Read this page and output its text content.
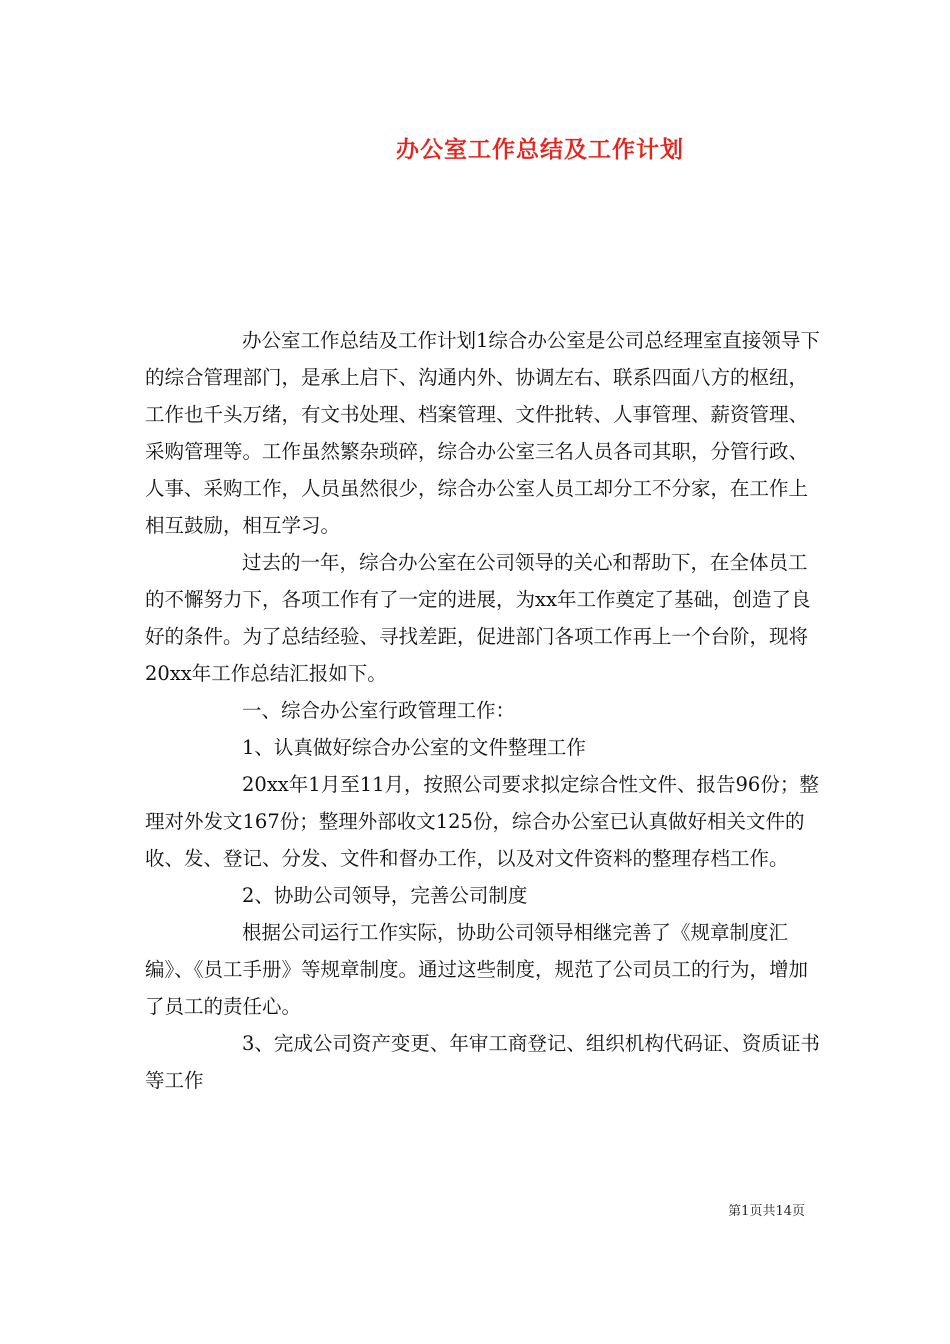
办公室工作总结及工作计划

办公室工作总结及工作计划1综合办公室是公司总经理室直接领导下的综合管理部门，是承上启下、沟通内外、协调左右、联系四面八方的枢纽，工作也千头万绪，有文书处理、档案管理、文件批转、人事管理、薪资管理、采购管理等。工作虽然繁杂琐碎，综合办公室三名人员各司其职，分管行政、人事、采购工作，人员虽然很少，综合办公室人员工却分工不分家，在工作上相互鼓励，相互学习。

过去的一年，综合办公室在公司领导的关心和帮助下，在全体员工的不懈努力下，各项工作有了一定的进展，为xx年工作奠定了基础，创造了良好的条件。为了总结经验、寻找差距，促进部门各项工作再上一个台阶，现将20xx年工作总结汇报如下。

一、综合办公室行政管理工作：

1、认真做好综合办公室的文件整理工作

20xx年1月至11月，按照公司要求拟定综合性文件、报告96份；整理对外发文167份；整理外部收文125份，综合办公室已认真做好相关文件的收、发、登记、分发、文件和督办工作，以及对文件资料的整理存档工作。

2、协助公司领导，完善公司制度

根据公司运行工作实际，协助公司领导相继完善了《规章制度汇编》、《员工手册》等规章制度。通过这些制度，规范了公司员工的行为，增加了员工的责任心。

3、完成公司资产变更、年审工商登记、组织机构代码证、资质证书等工作

第1页共14页
